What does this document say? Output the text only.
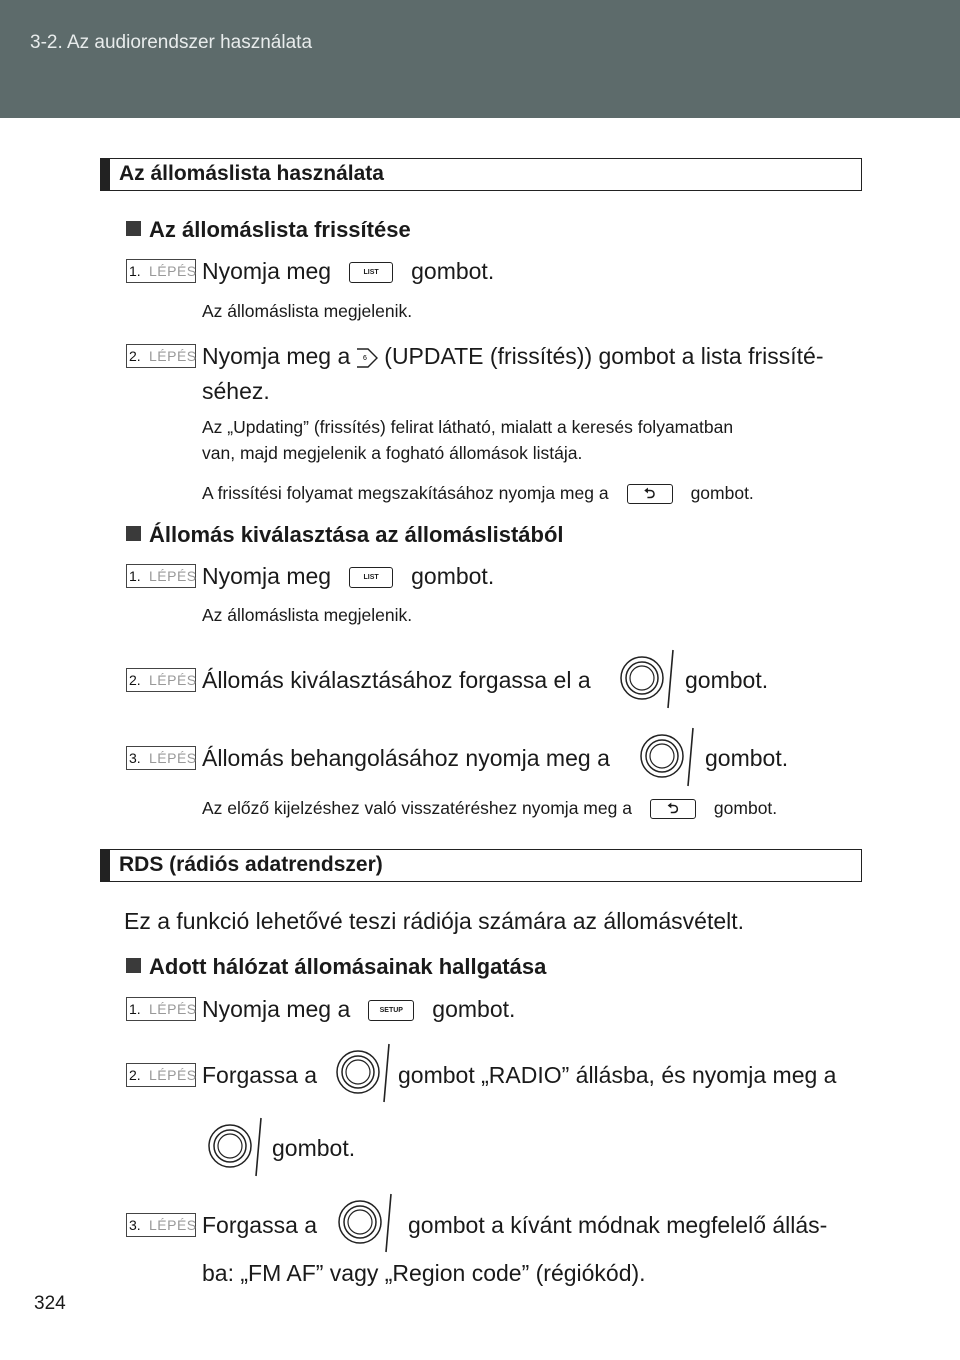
3-2. Az audiorendszer használata
Az állomáslista használata
Az állomáslista frissítése
1. LÉPÉS Nyomja meg	LIST gombot.
Az állomáslista megjelenik.
2. LÉPÉS Nyomja meg a 6 (UPDATE (frissítés)) gombot a lista frissíté-
séhez.
Az „Updating” (frissítés) felirat látható, mialatt a keresés folyamatban
van, majd megjelenik a fogható állomások listája.
A frissítési folyamat megszakításához nyomja meg a	⮌ gombot.
Állomás kiválasztása az állomáslistából
1. LÉPÉS Nyomja meg	LIST gombot.
Az állomáslista megjelenik.
2. LÉPÉS Állomás kiválasztásához forgassa el a	gombot.
3. LÉPÉS Állomás behangolásához nyomja meg a	gombot.
Az előző kijelzéshez való visszatéréshez nyomja meg a	⮌ gombot.
RDS (rádiós adatrendszer)
Ez a funkció lehetővé teszi rádiója számára az állomásvételt.
Adott hálózat állomásainak hallgatása
1. LÉPÉS Nyomja meg a	SETUP gombot.
2. LÉPÉS Forgassa a	gombot „RADIO” állásba, és nyomja meg a
gombot.
3. LÉPÉS Forgassa a	gombot a kívánt módnak megfelelő állás-
ba: „FM AF” vagy „Region code” (régiókód).
324
